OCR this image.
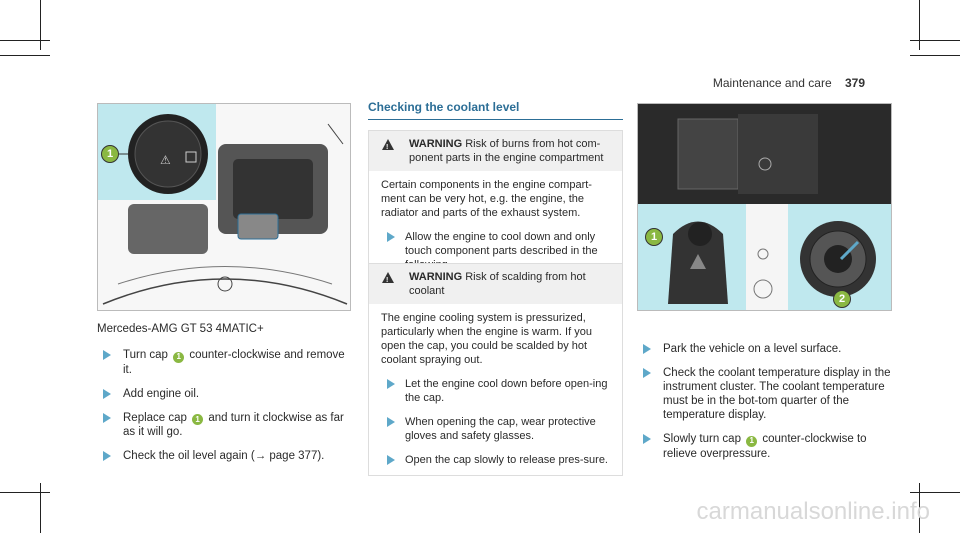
Maintenance and care 379
⚠
1
Mercedes-AMG GT 53 4MATIC+
Turn cap 1 counter-clockwise and remove it.
Add engine oil.
Replace cap 1 and turn it clockwise as far as it will go.
Check the oil level again (→ page 377).
Checking the coolant level
!
WARNING Risk of burns from hot com-ponent parts in the engine compartment

Certain components in the engine compart-ment can be very hot, e.g. the engine, the radiator and parts of the exhaust system.

Allow the engine to cool down and only touch component parts described in the
!
WARNING Risk of scalding from hot coolant

The engine cooling system is pressurized, particularly when the engine is warm. If you open the cap, you could be scalded by hot coolant spraying out.

Let the engine cool down before open-ing the cap.
When opening the cap, wear protective gloves and safety glasses.
Open the cap slowly to release pres-sure.
1
2
Park the vehicle on a level surface.
Check the coolant temperature display in the instrument cluster. The coolant temperature must be in the bot-tom quarter of the temperature display.
Slowly turn cap 1 counter-clockwise to relieve overpressure.
carmanualsonline.info
